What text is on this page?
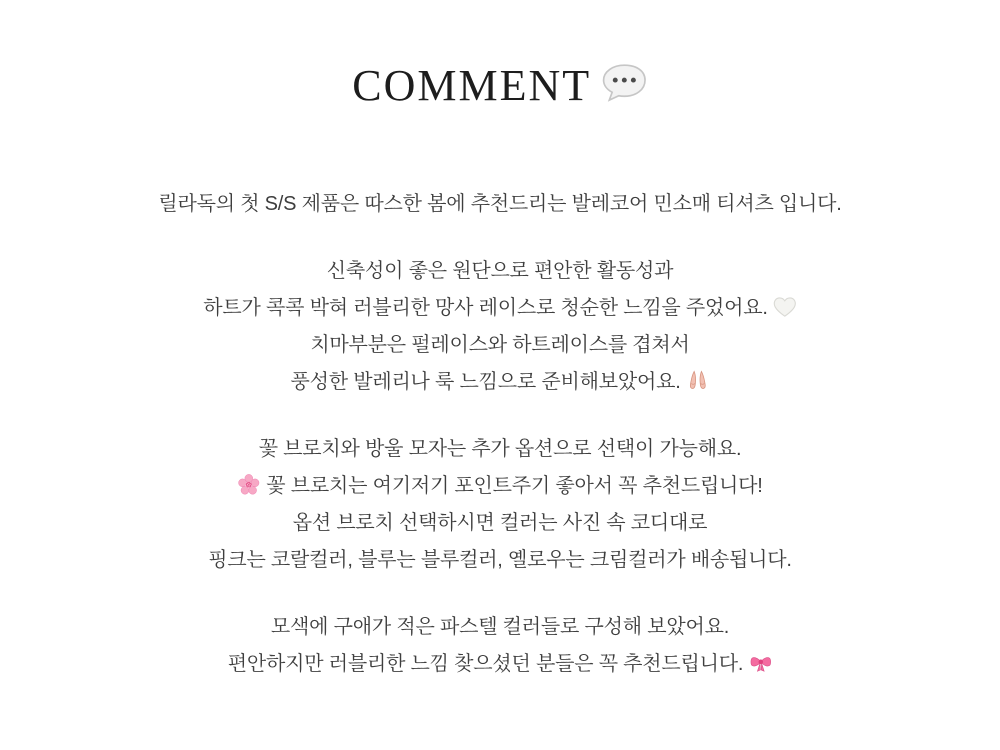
COMMENT
릴라독의 첫 S/S 제품은 따스한 봄에 추천드리는 발레코어 민소매 티셔츠 입니다.
신축성이 좋은 원단으로 편안한 활동성과
하트가 콕콕 박혀 러블리한 망사 레이스로 청순한 느낌을 주었어요.
치마부분은 펄레이스와 하트레이스를 겹쳐서
풍성한 발레리나 룩 느낌으로 준비해보았어요.
꽃 브로치와 방울 모자는 추가 옵션으로 선택이 가능해요.
꽃 브로치는 여기저기 포인트주기 좋아서 꼭 추천드립니다!
옵션 브로치 선택하시면 컬러는 사진 속 코디대로
핑크는 코랄컬러, 블루는 블루컬러, 옐로우는 크림컬러가 배송됩니다.
모색에 구애가 적은 파스텔 컬러들로 구성해 보았어요.
편안하지만 러블리한 느낌 찾으셨던 분들은 꼭 추천드립니다.
